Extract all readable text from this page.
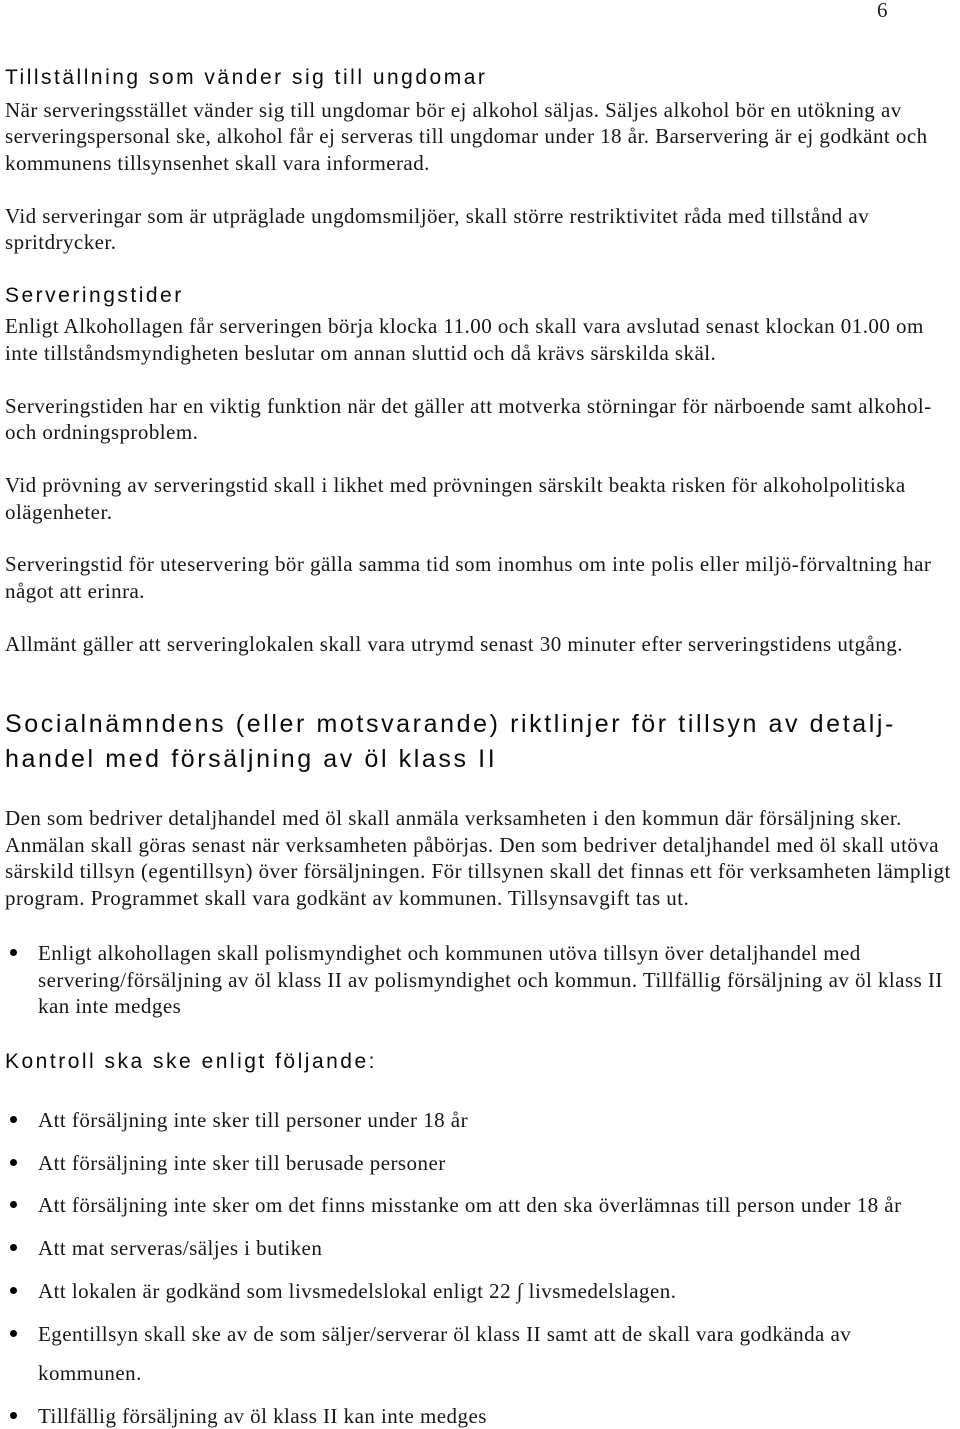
6
Tillställning som vänder sig till ungdomar
När serveringsstället vänder sig till ungdomar bör ej alkohol säljas. Säljes alkohol bör en utökning av
serveringspersonal ske, alkohol får ej serveras till ungdomar under 18 år. Barservering är ej godkänt och
kommunens tillsynsenhet skall vara informerad.
Vid serveringar som är utpräglade ungdomsmiljöer, skall större restriktivitet råda med tillstånd av
spritdrycker.
Serveringstider
Enligt Alkohollagen får serveringen börja klocka 11.00 och skall vara avslutad senast klockan 01.00 om
inte tillståndsmyndigheten beslutar om annan sluttid och då krävs särskilda skäl.
Serveringstiden har en viktig funktion när det gäller att motverka störningar för närboende samt alkohol-
och ordningsproblem.
Vid prövning av serveringstid skall i likhet med prövningen särskilt beakta risken för alkoholpolitiska
olägenheter.
Serveringstid för uteservering bör gälla samma tid som inomhus om inte polis eller miljö-förvaltning har
något att erinra.
Allmänt gäller att serveringlokalen skall vara utrymd senast 30 minuter efter serveringstidens utgång.
Socialnämndens (eller motsvarande) riktlinjer för tillsyn av detalj-
handel med försäljning av öl klass II
Den som bedriver detaljhandel med öl skall anmäla verksamheten i den kommun där försäljning sker.
Anmälan skall göras senast när verksamheten påbörjas. Den som bedriver detaljhandel med öl skall utöva
särskild tillsyn (egentillsyn) över försäljningen. För tillsynen skall det finnas ett för verksamheten lämpligt
program. Programmet skall vara godkänt av kommunen. Tillsynsavgift tas ut.
Enligt alkohollagen skall polismyndighet och kommunen utöva tillsyn över detaljhandel med
servering/försäljning av öl klass II av polismyndighet och kommun. Tillfällig försäljning av öl klass II
kan inte medges
Kontroll ska ske enligt följande:
Att försäljning inte sker till personer under 18 år
Att försäljning inte sker till berusade personer
Att försäljning inte sker om det finns misstanke om att den ska överlämnas till person under 18 år
Att mat serveras/säljes i butiken
Att lokalen är godkänd som livsmedelslokal enligt 22 ∫ livsmedelslagen.
Egentillsyn skall ske av de som säljer/serverar öl klass II samt att de skall vara godkända av
kommunen.
Tillfällig försäljning av öl klass II kan inte medges
